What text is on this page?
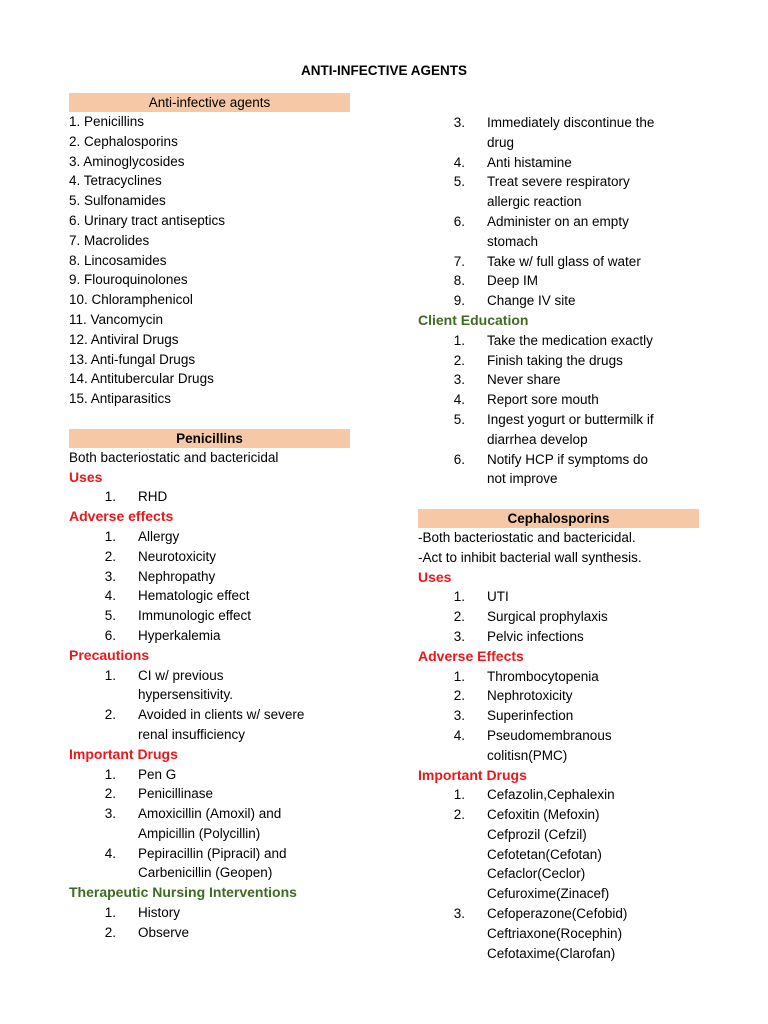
ANTI-INFECTIVE AGENTS
Anti-infective agents
1. Penicillins
2. Cephalosporins
3. Aminoglycosides
4. Tetracyclines
5. Sulfonamides
6. Urinary tract antiseptics
7. Macrolides
8. Lincosamides
9. Flouroquinolones
10. Chloramphenicol
11. Vancomycin
12. Antiviral Drugs
13. Anti-fungal Drugs
14. Antitubercular Drugs
15. Antiparasitics
Penicillins
Both bacteriostatic and bactericidal
Uses
1.	RHD
Adverse effects
1.	Allergy
2.	Neurotoxicity
3.	Nephropathy
4.	Hematologic effect
5.	Immunologic effect
6.	Hyperkalemia
Precautions
1.	CI w/ previous
hypersensitivity.
2.	Avoided in clients w/ severe
renal insufficiency
Important Drugs
1.	Pen G
2.	Penicillinase
3.	Amoxicillin (Amoxil) and
Ampicillin (Polycillin)
4.	Pepiracillin (Pipracil) and
Carbenicillin (Geopen)
Therapeutic Nursing Interventions
1.	History
2.	Observe
3.	Immediately discontinue the
drug
4.	Anti histamine
5.	Treat severe respiratory
allergic reaction
6.	Administer on an empty
stomach
7.	Take w/ full glass of water
8.	Deep IM
9.	Change IV site
Client Education
1.	Take the medication exactly
2.	Finish taking the drugs
3.	Never share
4.	Report sore mouth
5.	Ingest yogurt or buttermilk if
diarrhea develop
6.	Notify HCP if symptoms do
not improve
Cephalosporins
-Both bacteriostatic and bactericidal.
-Act to inhibit bacterial wall synthesis.
Uses
1.	UTI
2.	Surgical prophylaxis
3.	Pelvic infections
Adverse Effects
1.	Thrombocytopenia
2.	Nephrotoxicity
3.	Superinfection
4.	Pseudomembranous
colitisn(PMC)
Important Drugs
1.	Cefazolin,Cephalexin
2.	Cefoxitin (Mefoxin)
Cefprozil (Cefzil)
Cefotetan(Cefotan)
Cefaclor(Ceclor)
Cefuroxime(Zinacef)
3.	Cefoperazone(Cefobid)
Ceftriaxone(Rocephin)
Cefotaxime(Clarofan)
